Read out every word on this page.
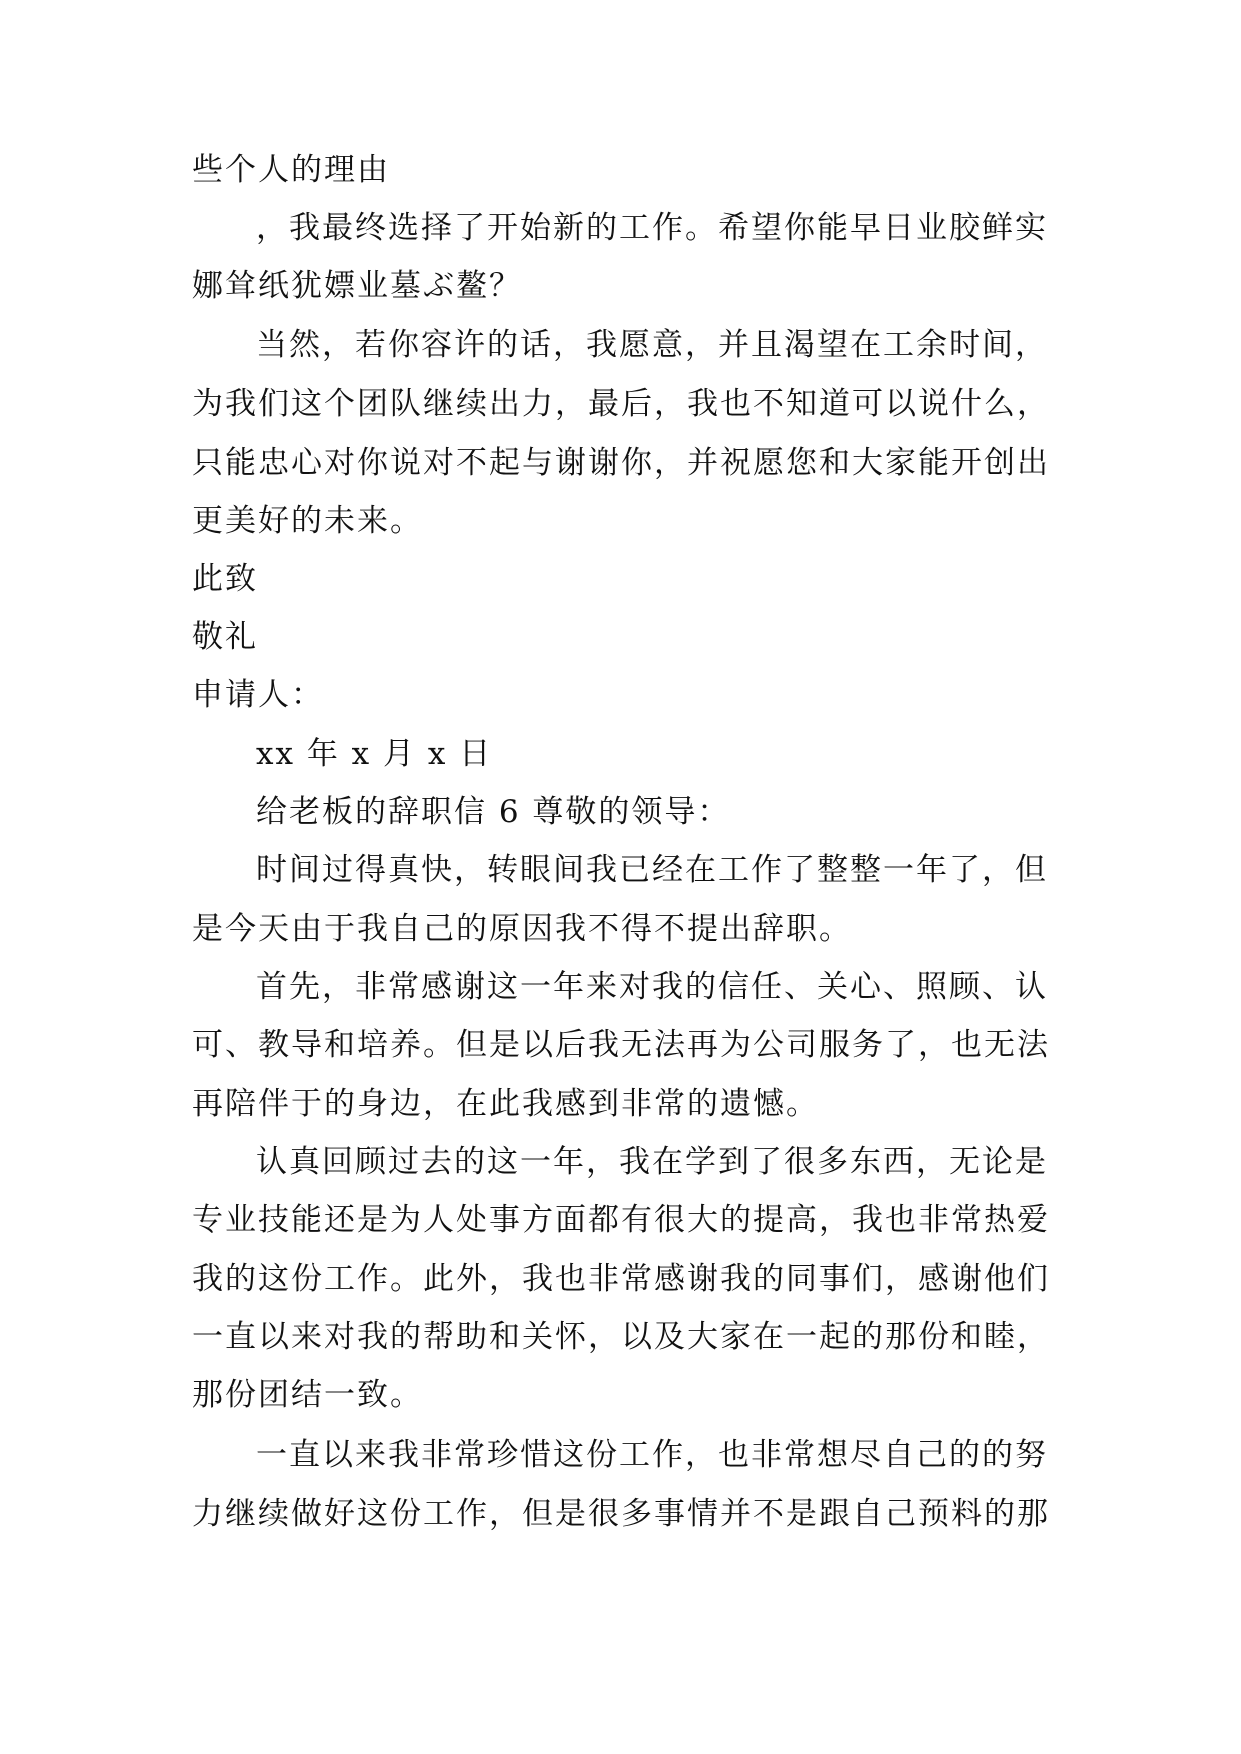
些个人的理由
，我最终选择了开始新的工作。希望你能早日业胶鲜实
娜耸纸犹嫖业墓ぶ鳌？
当然，若你容许的话，我愿意，并且渴望在工余时间，
为我们这个团队继续出力，最后，我也不知道可以说什么，
只能忠心对你说对不起与谢谢你，并祝愿您和大家能开创出
更美好的未来。
此致
敬礼
申请人：
xx 年 x 月 x 日
给老板的辞职信 6 尊敬的领导：
时间过得真快，转眼间我已经在工作了整整一年了，但
是今天由于我自己的原因我不得不提出辞职。
首先，非常感谢这一年来对我的信任、关心、照顾、认
可、教导和培养。但是以后我无法再为公司服务了，也无法
再陪伴于的身边，在此我感到非常的遗憾。
认真回顾过去的这一年，我在学到了很多东西，无论是
专业技能还是为人处事方面都有很大的提高，我也非常热爱
我的这份工作。此外，我也非常感谢我的同事们，感谢他们
一直以来对我的帮助和关怀，以及大家在一起的那份和睦，
那份团结一致。
一直以来我非常珍惜这份工作，也非常想尽自己的的努
力继续做好这份工作，但是很多事情并不是跟自己预料的那
